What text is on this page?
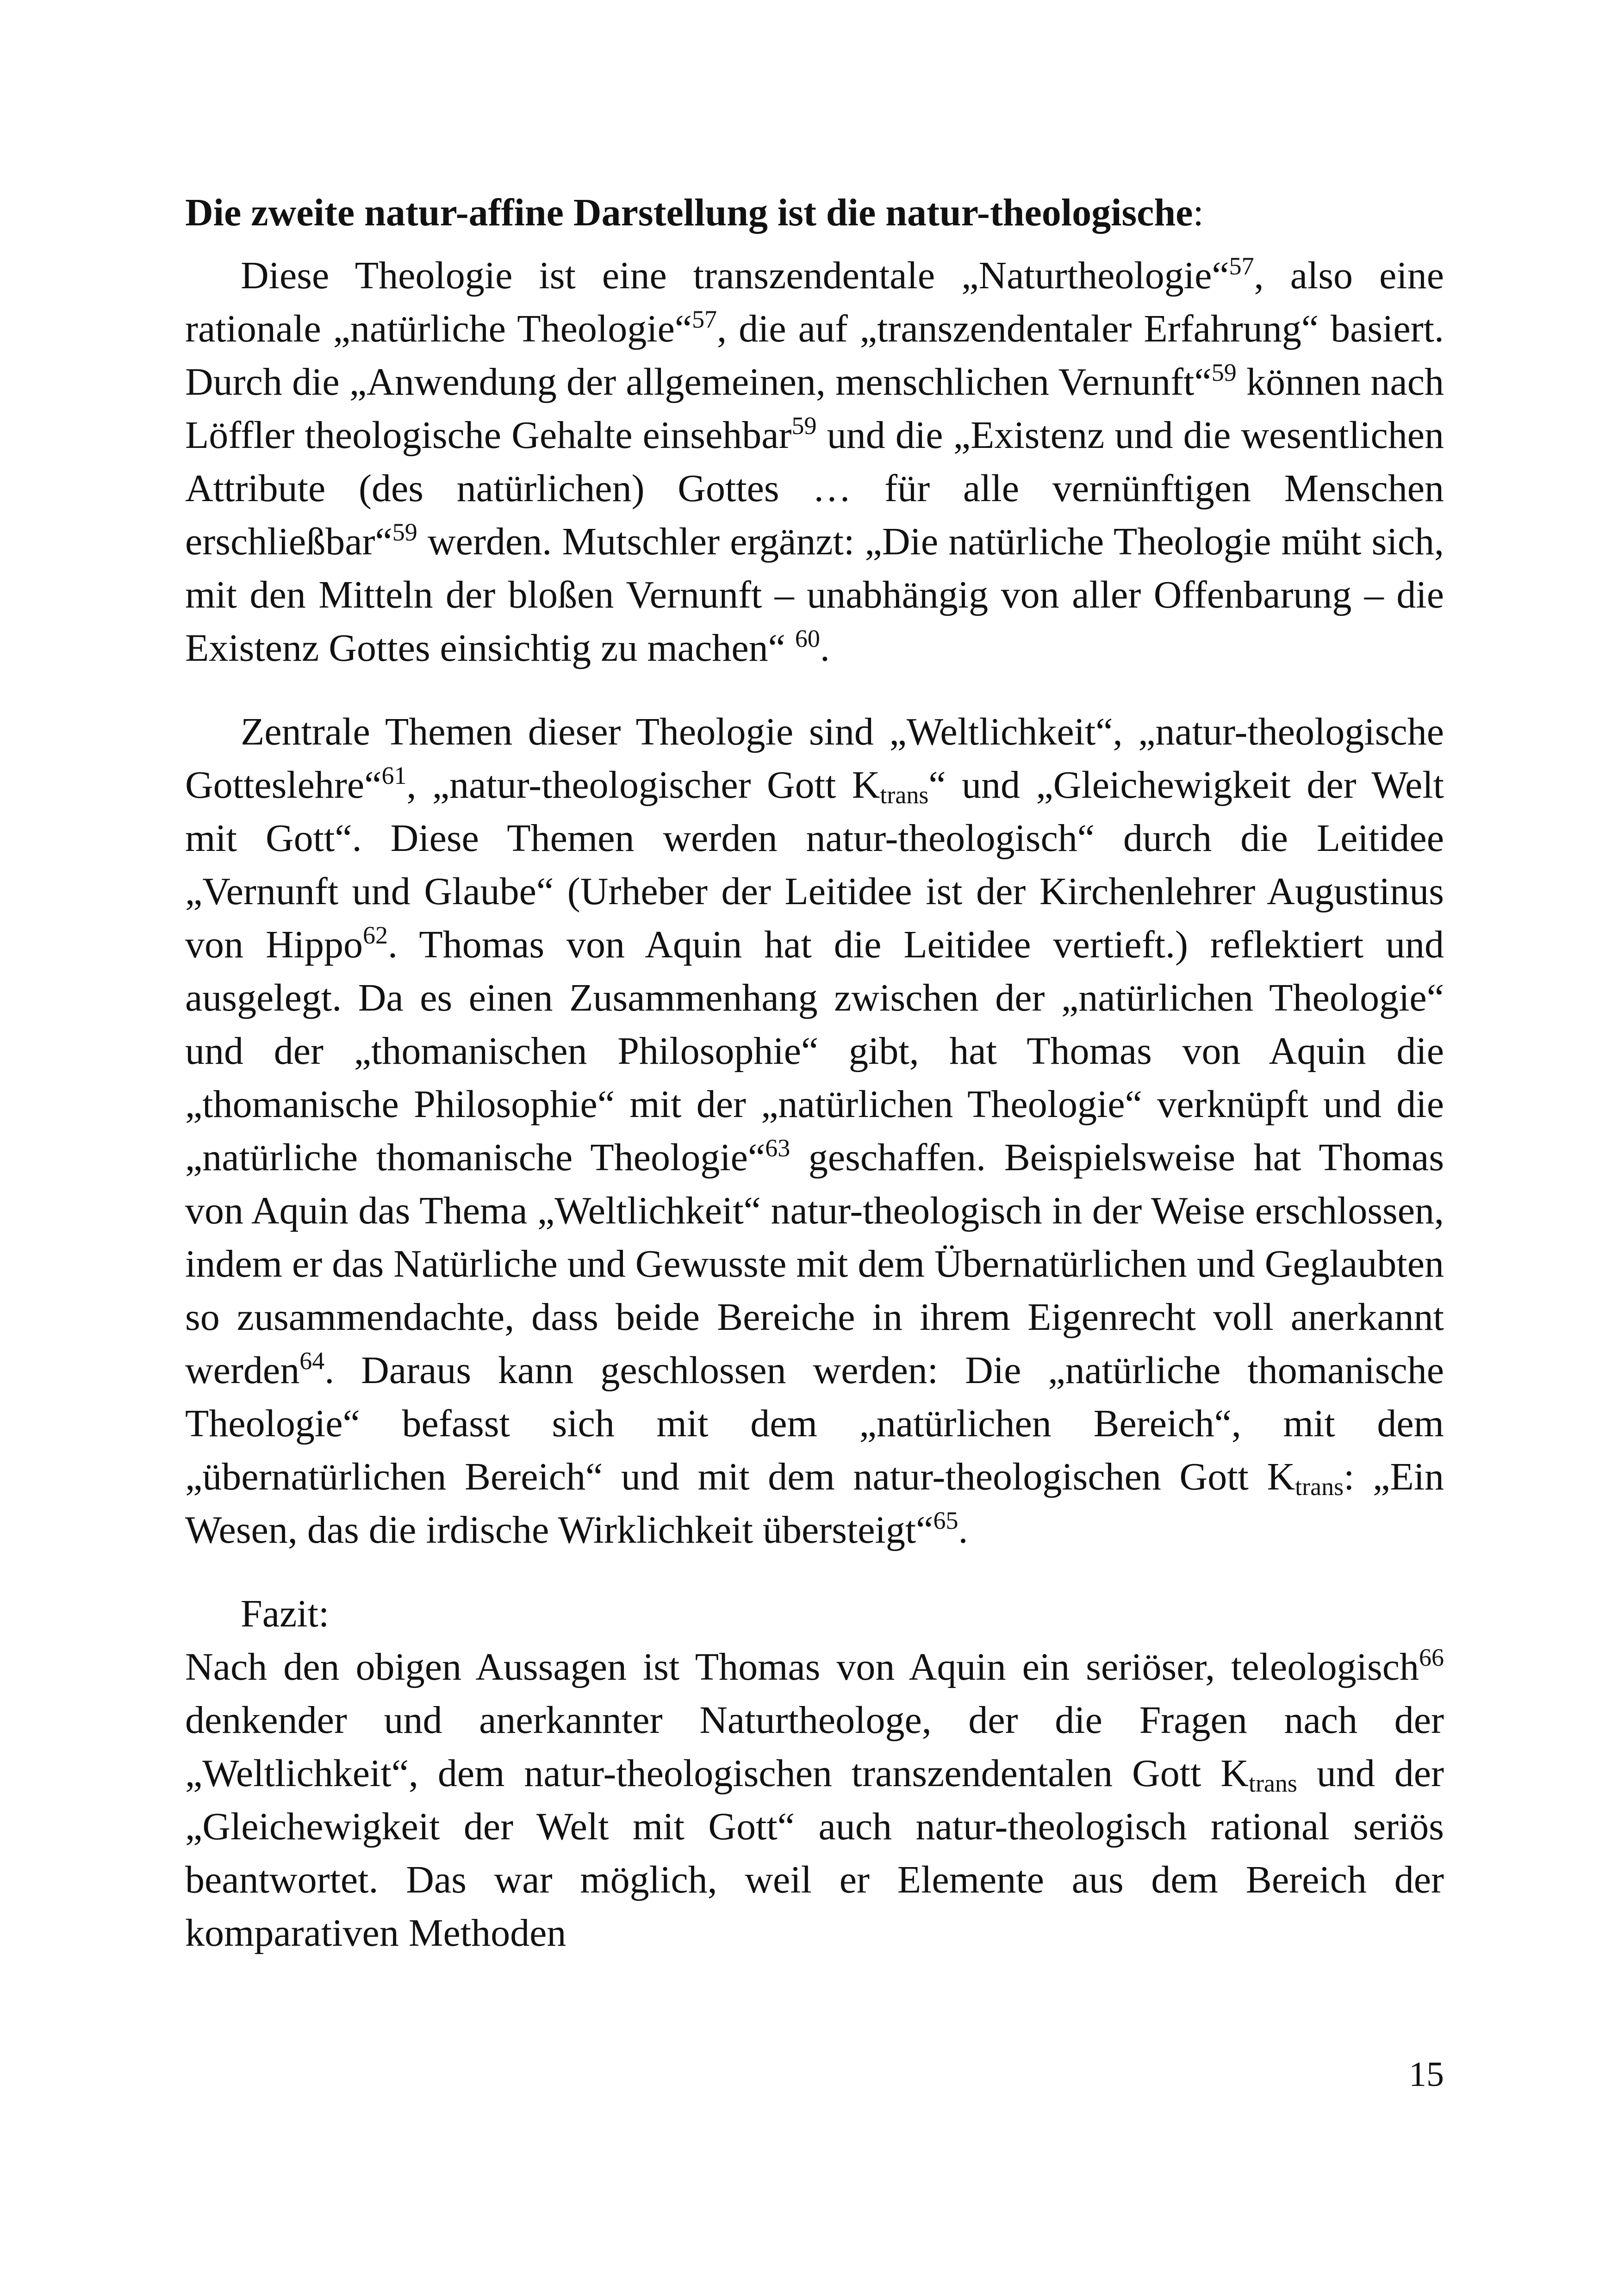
Die zweite natur-affine Darstellung ist die natur-theologische:

Diese Theologie ist eine transzendentale „Naturtheologie“$^{57}$, also eine rationale „natürliche Theologie“$^{57}$, die auf „transzendentaler Erfahrung“ basiert. Durch die „Anwendung der allgemeinen, menschlichen Vernunft“$^{59}$ können nach Löffler theologische Gehalte einsehbar$^{59}$ und die „Existenz und die wesentlichen Attribute (des natürlichen) Gottes … für alle vernünftigen Menschen erschließbar“$^{59}$ werden. Mutschler ergänzt: „Die natürliche Theologie müht sich, mit den Mitteln der bloßen Vernunft – unabhängig von aller Offenbarung – die Existenz Gottes einsichtig zu machen“ $^{60}$.

Zentrale Themen dieser Theologie sind „Weltlichkeit“, „natur-theologische Gotteslehre“$^{61}$, „natur-theologischer Gott $K_{trans}“$ und „Gleichewigkeit der Welt mit Gott“. Diese Themen werden natur-theologisch“ durch die Leitidee „Vernunft und Glaube“ (Urheber der Leitidee ist der Kirchenlehrer Augustinus von Hippo$^{62}$. Thomas von Aquin hat die Leitidee vertieft.) reflektiert und ausgelegt. Da es einen Zusammenhang zwischen der „natürlichen Theologie“ und der „thomanischen Philosophie“ gibt, hat Thomas von Aquin die „thomanische Philosophie“ mit der „natürlichen Theologie“ verknüpft und die „natürliche thomanische Theologie“$^{63}$ geschaffen. Beispielsweise hat Thomas von Aquin das Thema „Weltlichkeit“ natur-theologisch in der Weise erschlossen, indem er das Natürliche und Gewusste mit dem Übernatürlichen und Geglaubten so zusammendachte, dass beide Bereiche in ihrem Eigenrecht voll anerkannt werden$^{64}$. Daraus kann geschlossen werden: Die „natürliche thomanische Theologie“ befasst sich mit dem „natürlichen Bereich“, mit dem „übernatürlichen Bereich“ und mit dem natur-theologischen Gott $K_{trans}$: „Ein Wesen, das die irdische Wirklichkeit übersteigt“$^{65}$.

Fazit:

Nach den obigen Aussagen ist Thomas von Aquin ein seriöser, teleologisch$^{66}$ denkender und anerkannter Naturtheologe, der die Fragen nach der „Weltlichkeit“, dem natur-theologischen transzendentalen Gott $K_{trans}$ und der „Gleichewigkeit der Welt mit Gott“ auch natur-theologisch rational seriös beantwortet. Das war möglich, weil er Elemente aus dem Bereich der komparativen Methoden

15
